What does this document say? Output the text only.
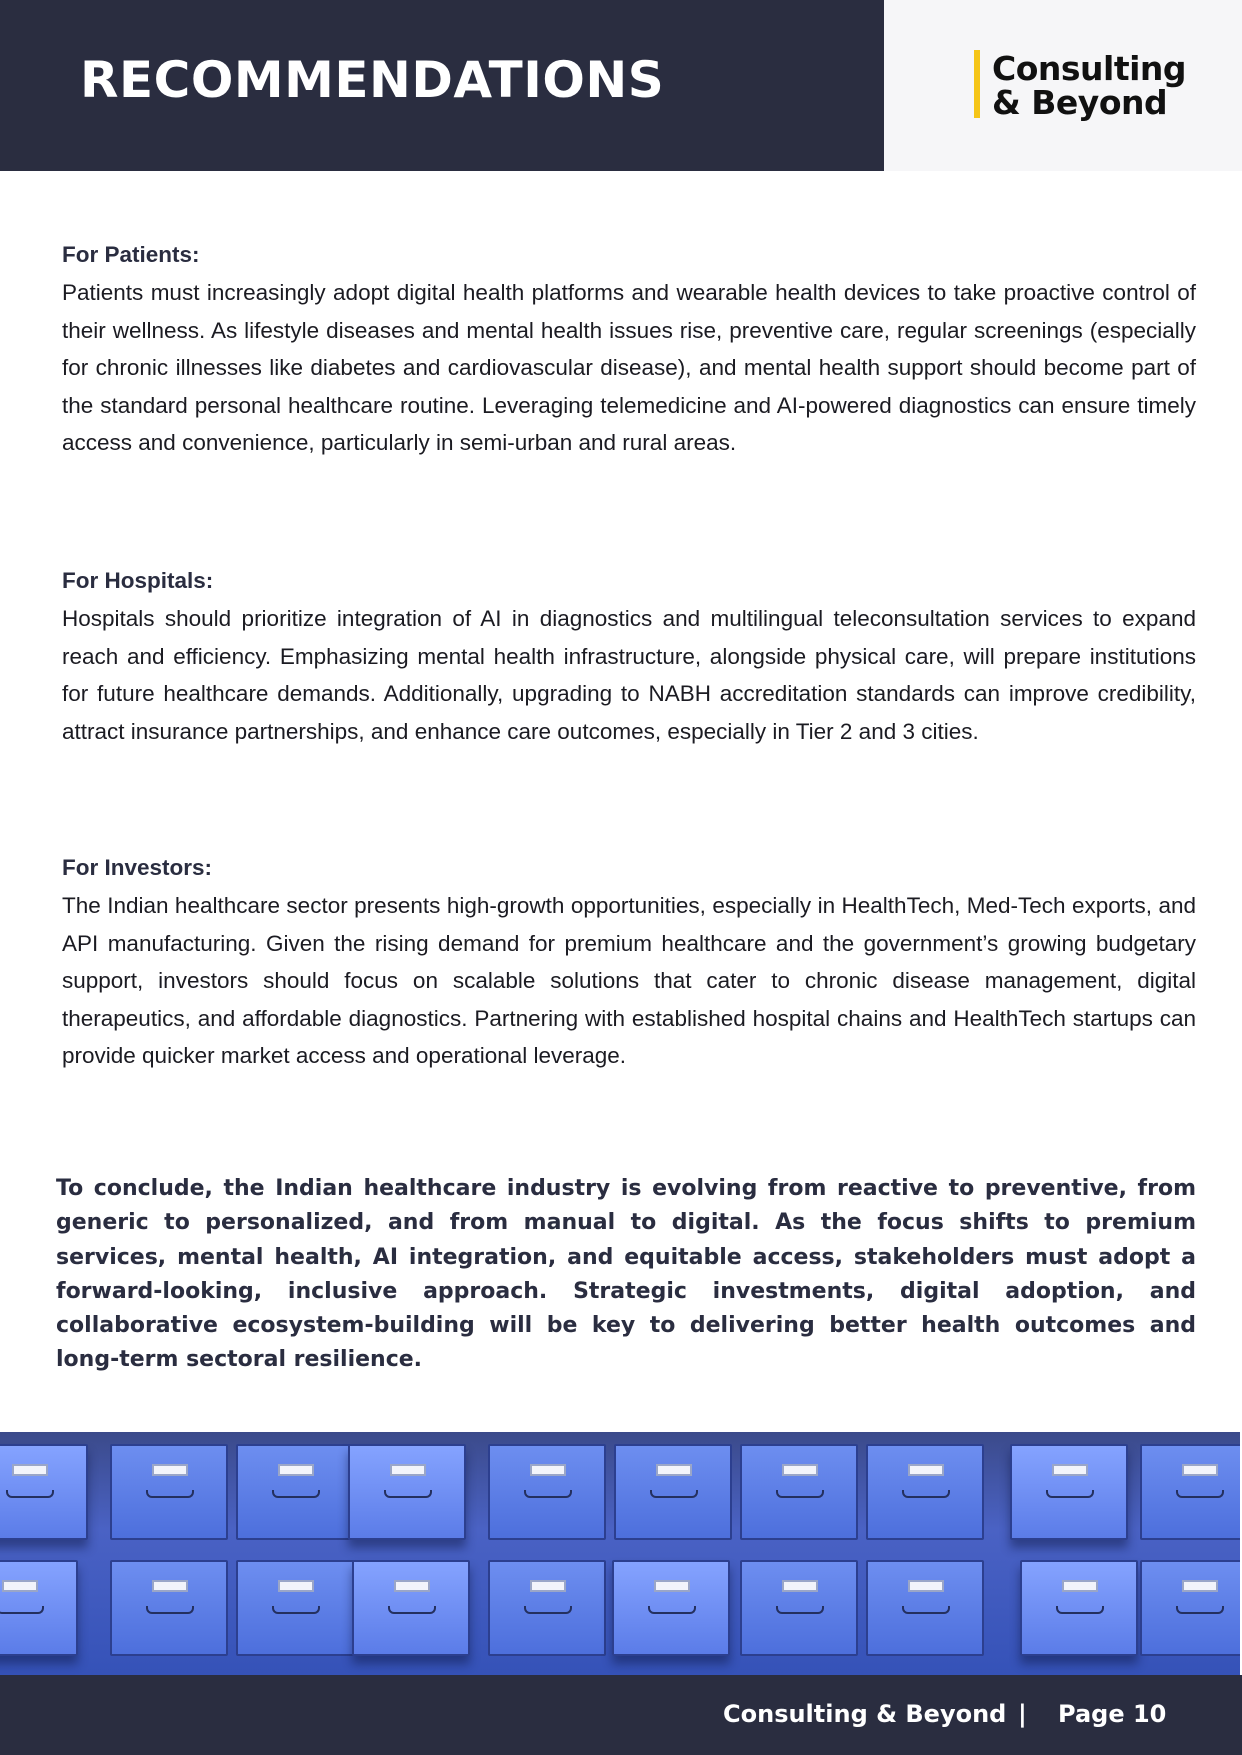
RECOMMENDATIONS	Consulting
& Beyond

For Patients:

Patients must increasingly adopt digital health platforms and wearable health devices to take proactive control of their wellness. As lifestyle diseases and mental health issues rise, preventive care, regular screenings (especially for chronic illnesses like diabetes and cardiovascular disease), and mental health support should become part of the standard personal healthcare routine. Leveraging telemedicine and AI-powered diagnostics can ensure timely access and convenience, particularly in semi-urban and rural areas.

For Hospitals:

Hospitals should prioritize integration of AI in diagnostics and multilingual teleconsultation services to expand reach and efficiency. Emphasizing mental health infrastructure, alongside physical care, will prepare institutions for future healthcare demands. Additionally, upgrading to NABH accreditation standards can improve credibility, attract insurance partnerships, and enhance care outcomes, especially in Tier 2 and 3 cities.

For Investors:

The Indian healthcare sector presents high-growth opportunities, especially in HealthTech, Med-Tech exports, and API manufacturing. Given the rising demand for premium healthcare and the government’s growing budgetary support, investors should focus on scalable solutions that cater to chronic disease management, digital therapeutics, and affordable diagnostics. Partnering with established hospital chains and HealthTech startups can provide quicker market access and operational leverage.

To conclude, the Indian healthcare industry is evolving from reactive to preventive, from generic to personalized, and from manual to digital. As the focus shifts to premium services, mental health, AI integration, and equitable access, stakeholders must adopt a forward-looking, inclusive approach. Strategic investments, digital adoption, and collaborative ecosystem-building will be key to delivering better health outcomes and long-term sectoral resilience.

Consulting & Beyond | Page 10
